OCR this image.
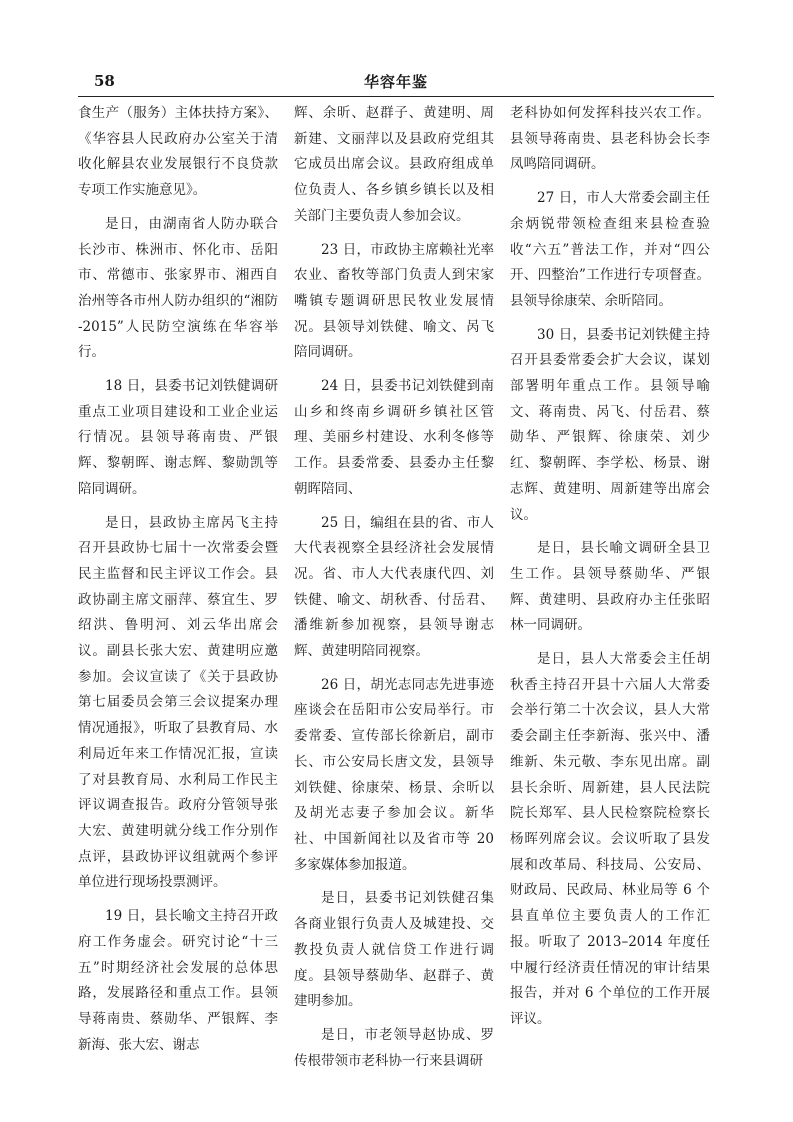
58	华容年鉴

食生产（服务）主体扶持方案》、《华容县人民政府办公室关于清收化解县农业发展银行不良贷款专项工作实施意见》。

是日，由湖南省人防办联合长沙市、株洲市、怀化市、岳阳市、常德市、张家界市、湘西自治州等各市州人防办组织的“湘防 -2015”人民防空演练在华容举行。

18 日，县委书记刘铁健调研重点工业项目建设和工业企业运行情况。县领导蒋南贵、严银辉、黎朝晖、谢志辉、黎勋凯等陪同调研。

是日，县政协主席呙飞主持召开县政协七届十一次常委会暨民主监督和民主评议工作会。县政协副主席文丽萍、蔡宜生、罗绍洪、鲁明河、刘云华出席会议。副县长张大宏、黄建明应邀参加。会议宣读了《关于县政协第七届委员会第三会议提案办理情况通报》，听取了县教育局、水利局近年来工作情况汇报，宣读了对县教育局、水利局工作民主评议调查报告。政府分管领导张大宏、黄建明就分线工作分别作点评，县政协评议组就两个参评单位进行现场投票测评。

19 日，县长喻文主持召开政府工作务虚会。研究讨论“十三五”时期经济社会发展的总体思路，发展路径和重点工作。县领导蒋南贵、蔡勋华、严银辉、李新海、张大宏、谢志

辉、余昕、赵群子、黄建明、周新建、文丽萍以及县政府党组其它成员出席会议。县政府组成单位负责人、各乡镇乡镇长以及相关部门主要负责人参加会议。

23 日，市政协主席赖社光率农业、畜牧等部门负责人到宋家嘴镇专题调研思民牧业发展情况。县领导刘铁健、喻文、呙飞陪同调研。

24 日，县委书记刘铁健到南山乡和终南乡调研乡镇社区管理、美丽乡村建设、水利冬修等工作。县委常委、县委办主任黎朝晖陪同、

25 日，编组在县的省、市人大代表视察全县经济社会发展情况。省、市人大代表康代四、刘铁健、喻文、胡秋香、付岳君、潘维新参加视察，县领导谢志辉、黄建明陪同视察。

26 日，胡光志同志先进事迹座谈会在岳阳市公安局举行。市委常委、宣传部长徐新启，副市长、市公安局长唐文发，县领导刘铁健、徐康荣、杨景、余昕以及胡光志妻子参加会议。新华社、中国新闻社以及省市等 20 多家媒体参加报道。

是日，县委书记刘铁健召集各商业银行负责人及城建投、交教投负责人就信贷工作进行调度。县领导蔡勋华、赵群子、黄建明参加。

是日，市老领导赵协成、罗传根带领市老科协一行来县调研

老科协如何发挥科技兴农工作。县领导蒋南贵、县老科协会长李凤鸣陪同调研。

27 日，市人大常委会副主任余炳锐带领检查组来县检查验收“六五”普法工作，并对“四公开、四整治”工作进行专项督查。县领导徐康荣、余昕陪同。

30 日，县委书记刘铁健主持召开县委常委会扩大会议，谋划部署明年重点工作。县领导喻文、蒋南贵、呙飞、付岳君、蔡勋华、严银辉、徐康荣、刘少红、黎朝晖、李学松、杨景、谢志辉、黄建明、周新建等出席会议。

是日，县长喻文调研全县卫生工作。县领导蔡勋华、严银辉、黄建明、县政府办主任张昭林一同调研。

是日，县人大常委会主任胡秋香主持召开县十六届人大常委会举行第二十次会议，县人大常委会副主任李新海、张兴中、潘维新、朱元敬、李东见出席。副县长余昕、周新建，县人民法院院长郑军、县人民检察院检察长杨晖列席会议。会议听取了县发展和改革局、科技局、公安局、财政局、民政局、林业局等 6 个县直单位主要负责人的工作汇报。听取了 2013–2014 年度任中履行经济责任情况的审计结果报告，并对 6 个单位的工作开展评议。
